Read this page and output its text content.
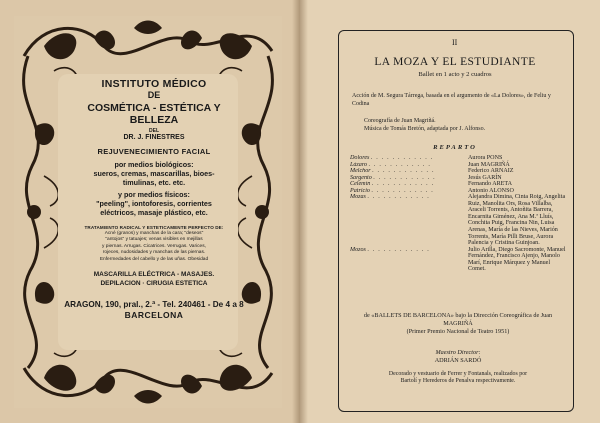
INSTITUTO MÉDICO
DE
COSMÉTICA - ESTÉTICA Y BELLEZA
DEL
DR. J. FINESTRES
REJUVENECIMIENTO FACIAL
por medios biológicos:
sueros, cremas, mascarillas, bioes-
timulinas, etc. etc.
y por medios físicos:
"peeling", iontoforesis, corrientes
eléctricos, masaje plástico, etc.
TRATAMIENTO RADICAL Y ESTETICAMENTE PERFECTO DE:
Acné (granos) y manchas de la cara; "deseos"
"antojos" y tatuajes; venas visibles en mejillas
y piernas. Arrugas. Cicatrices. Verrugas. Varices,
rojeces, nudosidades y manchas de las piernas.
Enfermedades del cabello y de las uñas. Obesidad
MASCARILLA ELÉCTRICA - MASAJES.
DEPILACION · CIRUGIA ESTETICA
ARAGON, 190, pral., 2.ª - Tel. 240461 - De 4 a 8
BARCELONA
II
LA MOZA Y EL ESTUDIANTE
Ballet en 1 acto y 2 cuadros
Acción de M. Segura Tárrega, basada en el argumento de «La Dolores», de Feliu y Codina
Coreografía de Juan Magriñá.
Música de Tomás Bretón, adaptada por J. Alfonso.
REPARTO
Dolores . . . . . . . . . . . .	Aurora PONS
Lázaro . . . . . . . . . . . .	Juan MAGRIÑÁ
Melchor . . . . . . . . . . . .	Federico ARNAIZ
Sargento . . . . . . . . . . . .	Jesús GARÍN
Celemín . . . . . . . . . . . .	Fernando ARETA
Patricio . . . . . . . . . . . .	Antonio ALONSO
Mozas . . . . . . . . . . . .	Alejandra Dimina, Cinta Roig, Angelita Ruiz, Manolita Ors, Rosa Villalba, Araceli Torrents, Antoñita Barrera, Encarnita Giménez, Ana M.ª Lluís, Conchita Puig, Francina Nin, Luisa Arenas, María de las Nieves, Marión Torrents, María Pilli Bruse, Aurora Palencia y Cristina Guinjoan.
Mozos . . . . . . . . . . . .	Julio Arilla, Diego Sacromonte, Manuel Fernández, Francisco Ajenjo, Manolo Marí, Enrique Márquez y Manuel Comet.
de «BALLETS DE BARCELONA» bajo la Dirección Coreográfica de Juan MAGRIÑÁ
(Primer Premio Nacional de Teatro 1951)
Maestro Director:
ADRIÁN SARDÓ
Decorado y vestuario de Ferrer y Fontanals, realizados por
Bartolí y Herederos de Penalva respectivamente.
